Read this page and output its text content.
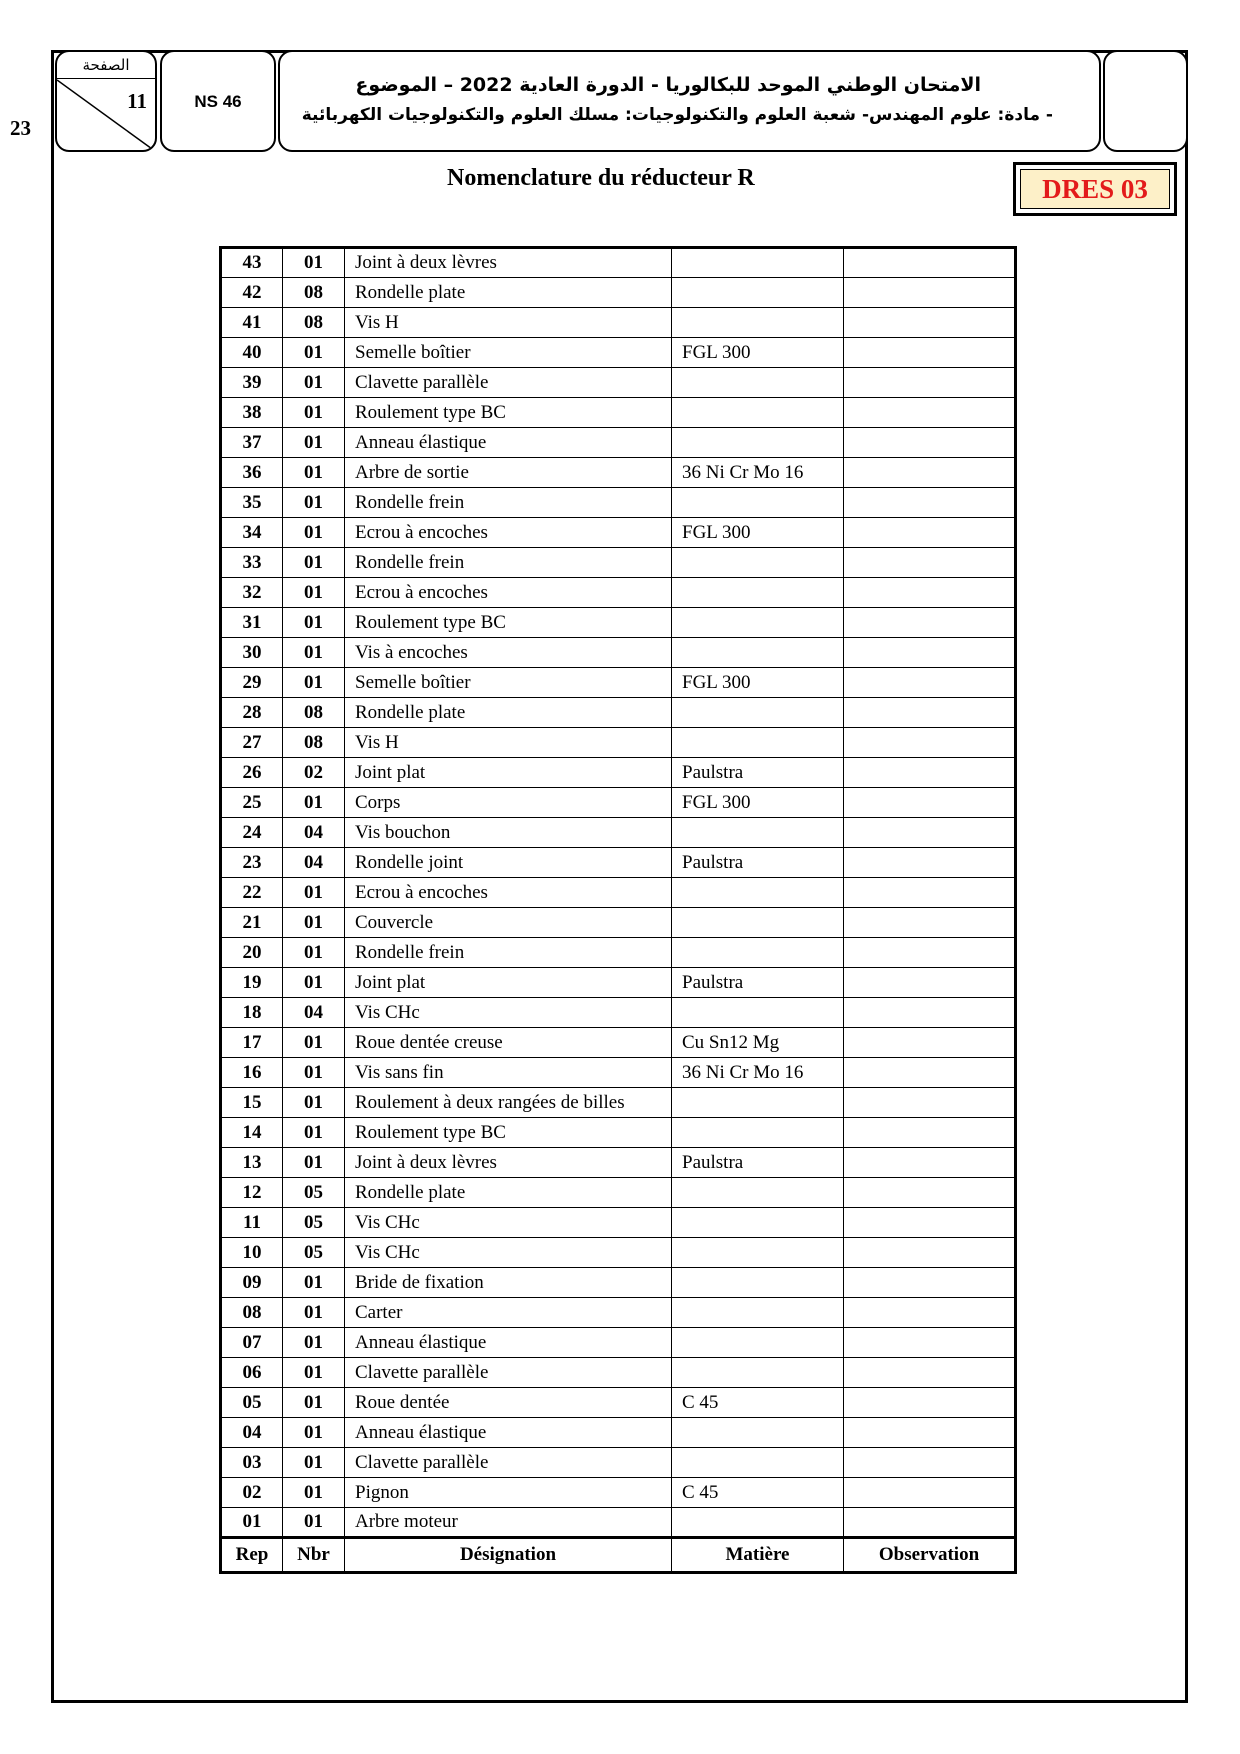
الصفحة
11
23
NS 46
الامتحان الوطني الموحد للبكالوريا - الدورة العادية 2022 – الموضوع
- مادة: علوم المهندس- شعبة العلوم والتكنولوجيات: مسلك العلوم والتكنولوجيات الكهربائية
Nomenclature du réducteur R	DRES 03
43	01	Joint à deux lèvres		
42	08	Rondelle plate		
41	08	Vis H		
40	01	Semelle boîtier	FGL 300	
39	01	Clavette parallèle		
38	01	Roulement type BC		
37	01	Anneau élastique		
36	01	Arbre de sortie	36 Ni Cr Mo 16	
35	01	Rondelle frein		
34	01	Ecrou à encoches	FGL 300	
33	01	Rondelle frein		
32	01	Ecrou à encoches		
31	01	Roulement type BC		
30	01	Vis à encoches		
29	01	Semelle boîtier	FGL 300	
28	08	Rondelle plate		
27	08	Vis H		
26	02	Joint plat	Paulstra	
25	01	Corps	FGL 300	
24	04	Vis bouchon		
23	04	Rondelle joint	Paulstra	
22	01	Ecrou à encoches		
21	01	Couvercle		
20	01	Rondelle frein		
19	01	Joint plat	Paulstra	
18	04	Vis CHc		
17	01	Roue dentée creuse	Cu Sn12 Mg	
16	01	Vis sans fin	36 Ni Cr Mo 16	
15	01	Roulement à deux rangées de billes		
14	01	Roulement type BC		
13	01	Joint à deux lèvres	Paulstra	
12	05	Rondelle plate		
11	05	Vis CHc		
10	05	Vis CHc		
09	01	Bride de fixation		
08	01	Carter		
07	01	Anneau élastique		
06	01	Clavette parallèle		
05	01	Roue dentée	C 45	
04	01	Anneau élastique		
03	01	Clavette parallèle		
02	01	Pignon	C 45	
01	01	Arbre moteur		
Rep	Nbr	Désignation	Matière	Observation
